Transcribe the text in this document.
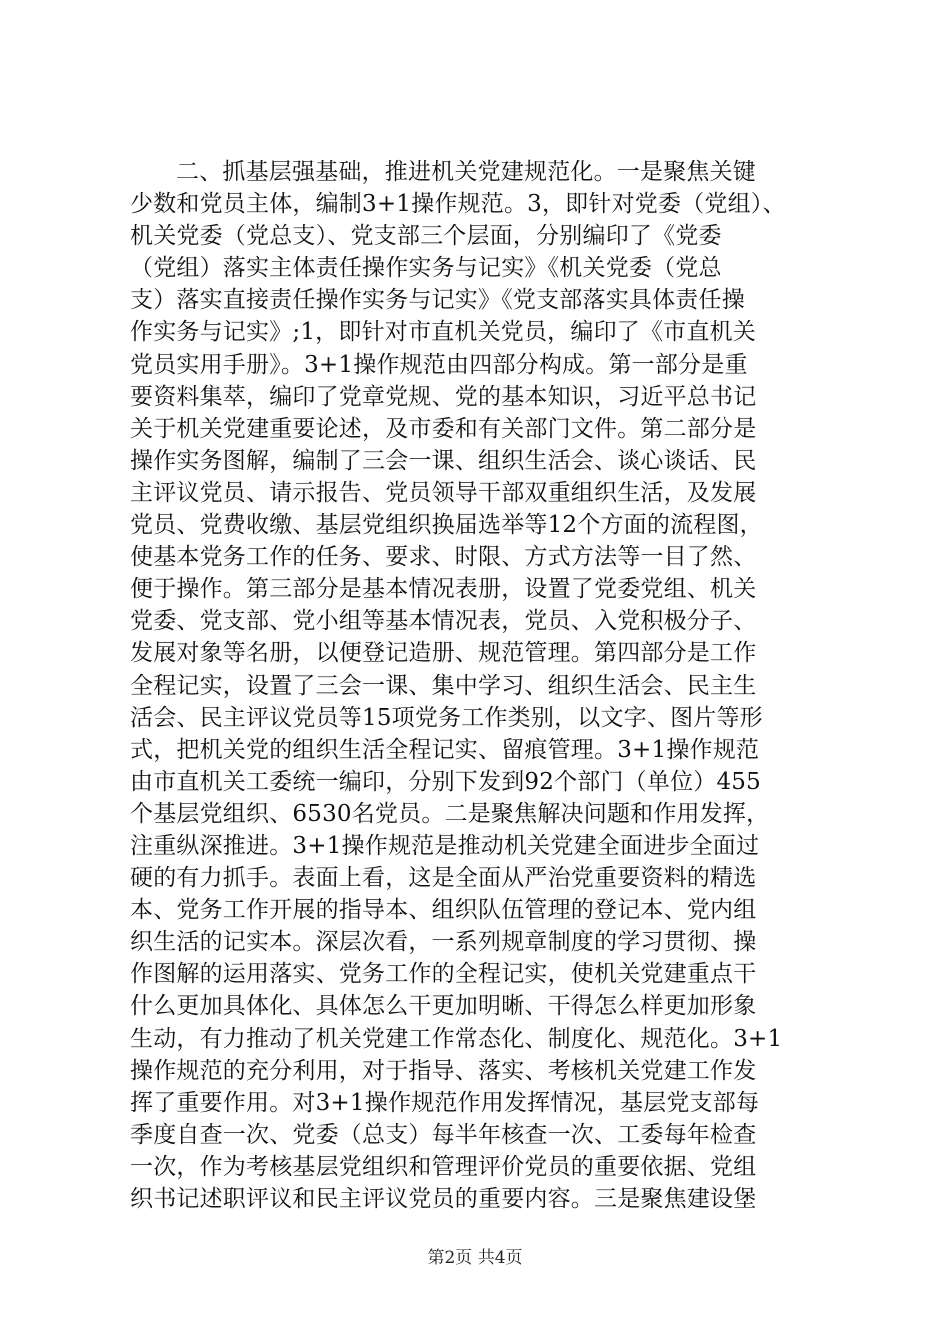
二、抓基层强基础，推进机关党建规范化。一是聚焦关键
少数和党员主体，编制3+1操作规范。3，即针对党委（党组）、
机关党委（党总支）、党支部三个层面，分别编印了《党委
（党组）落实主体责任操作实务与记实》《机关党委（党总
支）落实直接责任操作实务与记实》《党支部落实具体责任操
作实务与记实》;1，即针对市直机关党员，编印了《市直机关
党员实用手册》。3+1操作规范由四部分构成。第一部分是重
要资料集萃，编印了党章党规、党的基本知识，习近平总书记
关于机关党建重要论述，及市委和有关部门文件。第二部分是
操作实务图解，编制了三会一课、组织生活会、谈心谈话、民
主评议党员、请示报告、党员领导干部双重组织生活，及发展
党员、党费收缴、基层党组织换届选举等12个方面的流程图，
使基本党务工作的任务、要求、时限、方式方法等一目了然、
便于操作。第三部分是基本情况表册，设置了党委党组、机关
党委、党支部、党小组等基本情况表，党员、入党积极分子、
发展对象等名册，以便登记造册、规范管理。第四部分是工作
全程记实，设置了三会一课、集中学习、组织生活会、民主生
活会、民主评议党员等15项党务工作类别，以文字、图片等形
式，把机关党的组织生活全程记实、留痕管理。3+1操作规范
由市直机关工委统一编印，分别下发到92个部门（单位）455
个基层党组织、6530名党员。二是聚焦解决问题和作用发挥，
注重纵深推进。3+1操作规范是推动机关党建全面进步全面过
硬的有力抓手。表面上看，这是全面从严治党重要资料的精选
本、党务工作开展的指导本、组织队伍管理的登记本、党内组
织生活的记实本。深层次看，一系列规章制度的学习贯彻、操
作图解的运用落实、党务工作的全程记实，使机关党建重点干
什么更加具体化、具体怎么干更加明晰、干得怎么样更加形象
生动，有力推动了机关党建工作常态化、制度化、规范化。3+1
操作规范的充分利用，对于指导、落实、考核机关党建工作发
挥了重要作用。对3+1操作规范作用发挥情况，基层党支部每
季度自查一次、党委（总支）每半年核查一次、工委每年检查
一次，作为考核基层党组织和管理评价党员的重要依据、党组
织书记述职评议和民主评议党员的重要内容。三是聚焦建设堡
第2页 共4页
